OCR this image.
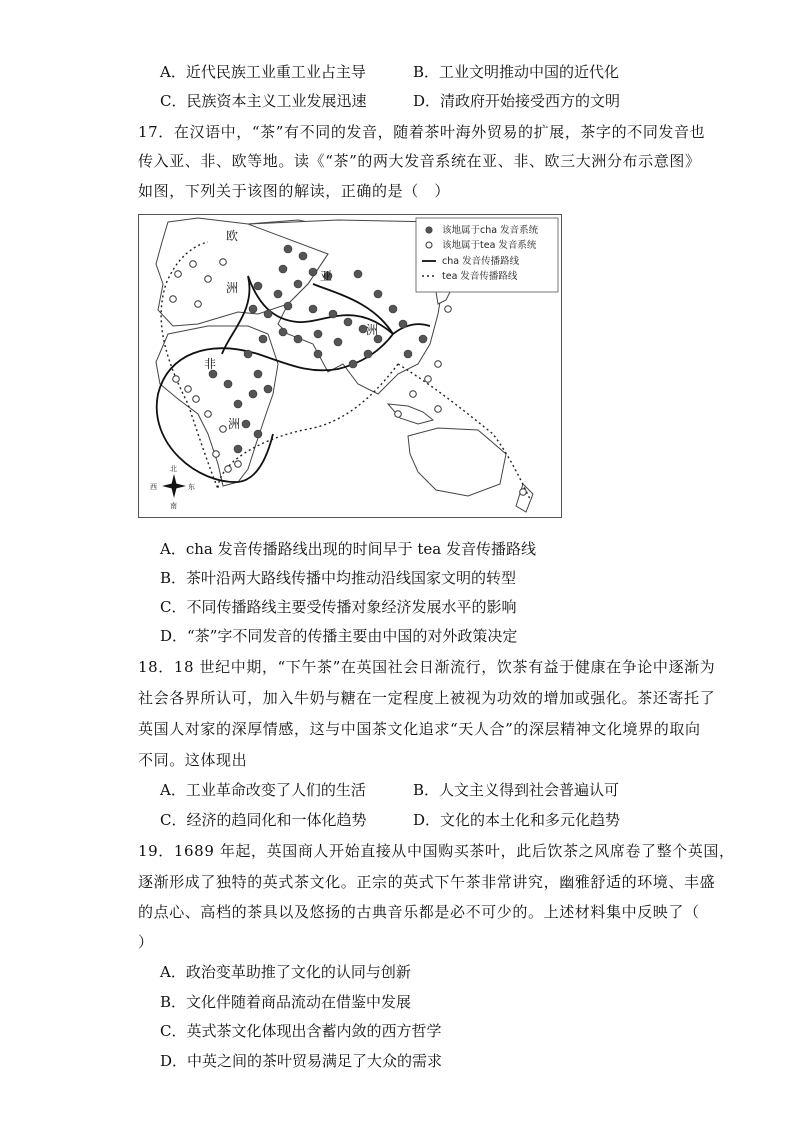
A．近代民族工业重工业占主导	B．工业文明推动中国的近代化
C．民族资本主义工业发展迅速	D．清政府开始接受西方的文明
17．在汉语中，“茶”有不同的发音，随着茶叶海外贸易的扩展，茶字的不同发音也
传入亚、非、欧等地。读《“茶”的两大发音系统在亚、非、欧三大洲分布示意图》
如图，下列关于该图的解读，正确的是（　）
欧
洲
亚
洲
非
洲
该地属于cha 发音系统
该地属于tea 发音系统
cha 发音传播路线
tea 发音传播路线
北
南
东
西
A．cha 发音传播路线出现的时间早于 tea 发音传播路线
B．茶叶沿两大路线传播中均推动沿线国家文明的转型
C．不同传播路线主要受传播对象经济发展水平的影响
D．“茶”字不同发音的传播主要由中国的对外政策决定
18．18 世纪中期，“下午茶”在英国社会日渐流行，饮茶有益于健康在争论中逐渐为
社会各界所认可，加入牛奶与糖在一定程度上被视为功效的增加或强化。茶还寄托了
英国人对家的深厚情感，这与中国茶文化追求“天人合”的深层精神文化境界的取向
不同。这体现出
A．工业革命改变了人们的生活	B．人文主义得到社会普遍认可
C．经济的趋同化和一体化趋势	D．文化的本土化和多元化趋势
19．1689 年起，英国商人开始直接从中国购买茶叶，此后饮茶之风席卷了整个英国，
逐渐形成了独特的英式茶文化。正宗的英式下午茶非常讲究，幽雅舒适的环境、丰盛
的点心、高档的茶具以及悠扬的古典音乐都是必不可少的。上述材料集中反映了（
）
A．政治变革助推了文化的认同与创新
B．文化伴随着商品流动在借鉴中发展
C．英式茶文化体现出含蓄内敛的西方哲学
D．中英之间的茶叶贸易满足了大众的需求
